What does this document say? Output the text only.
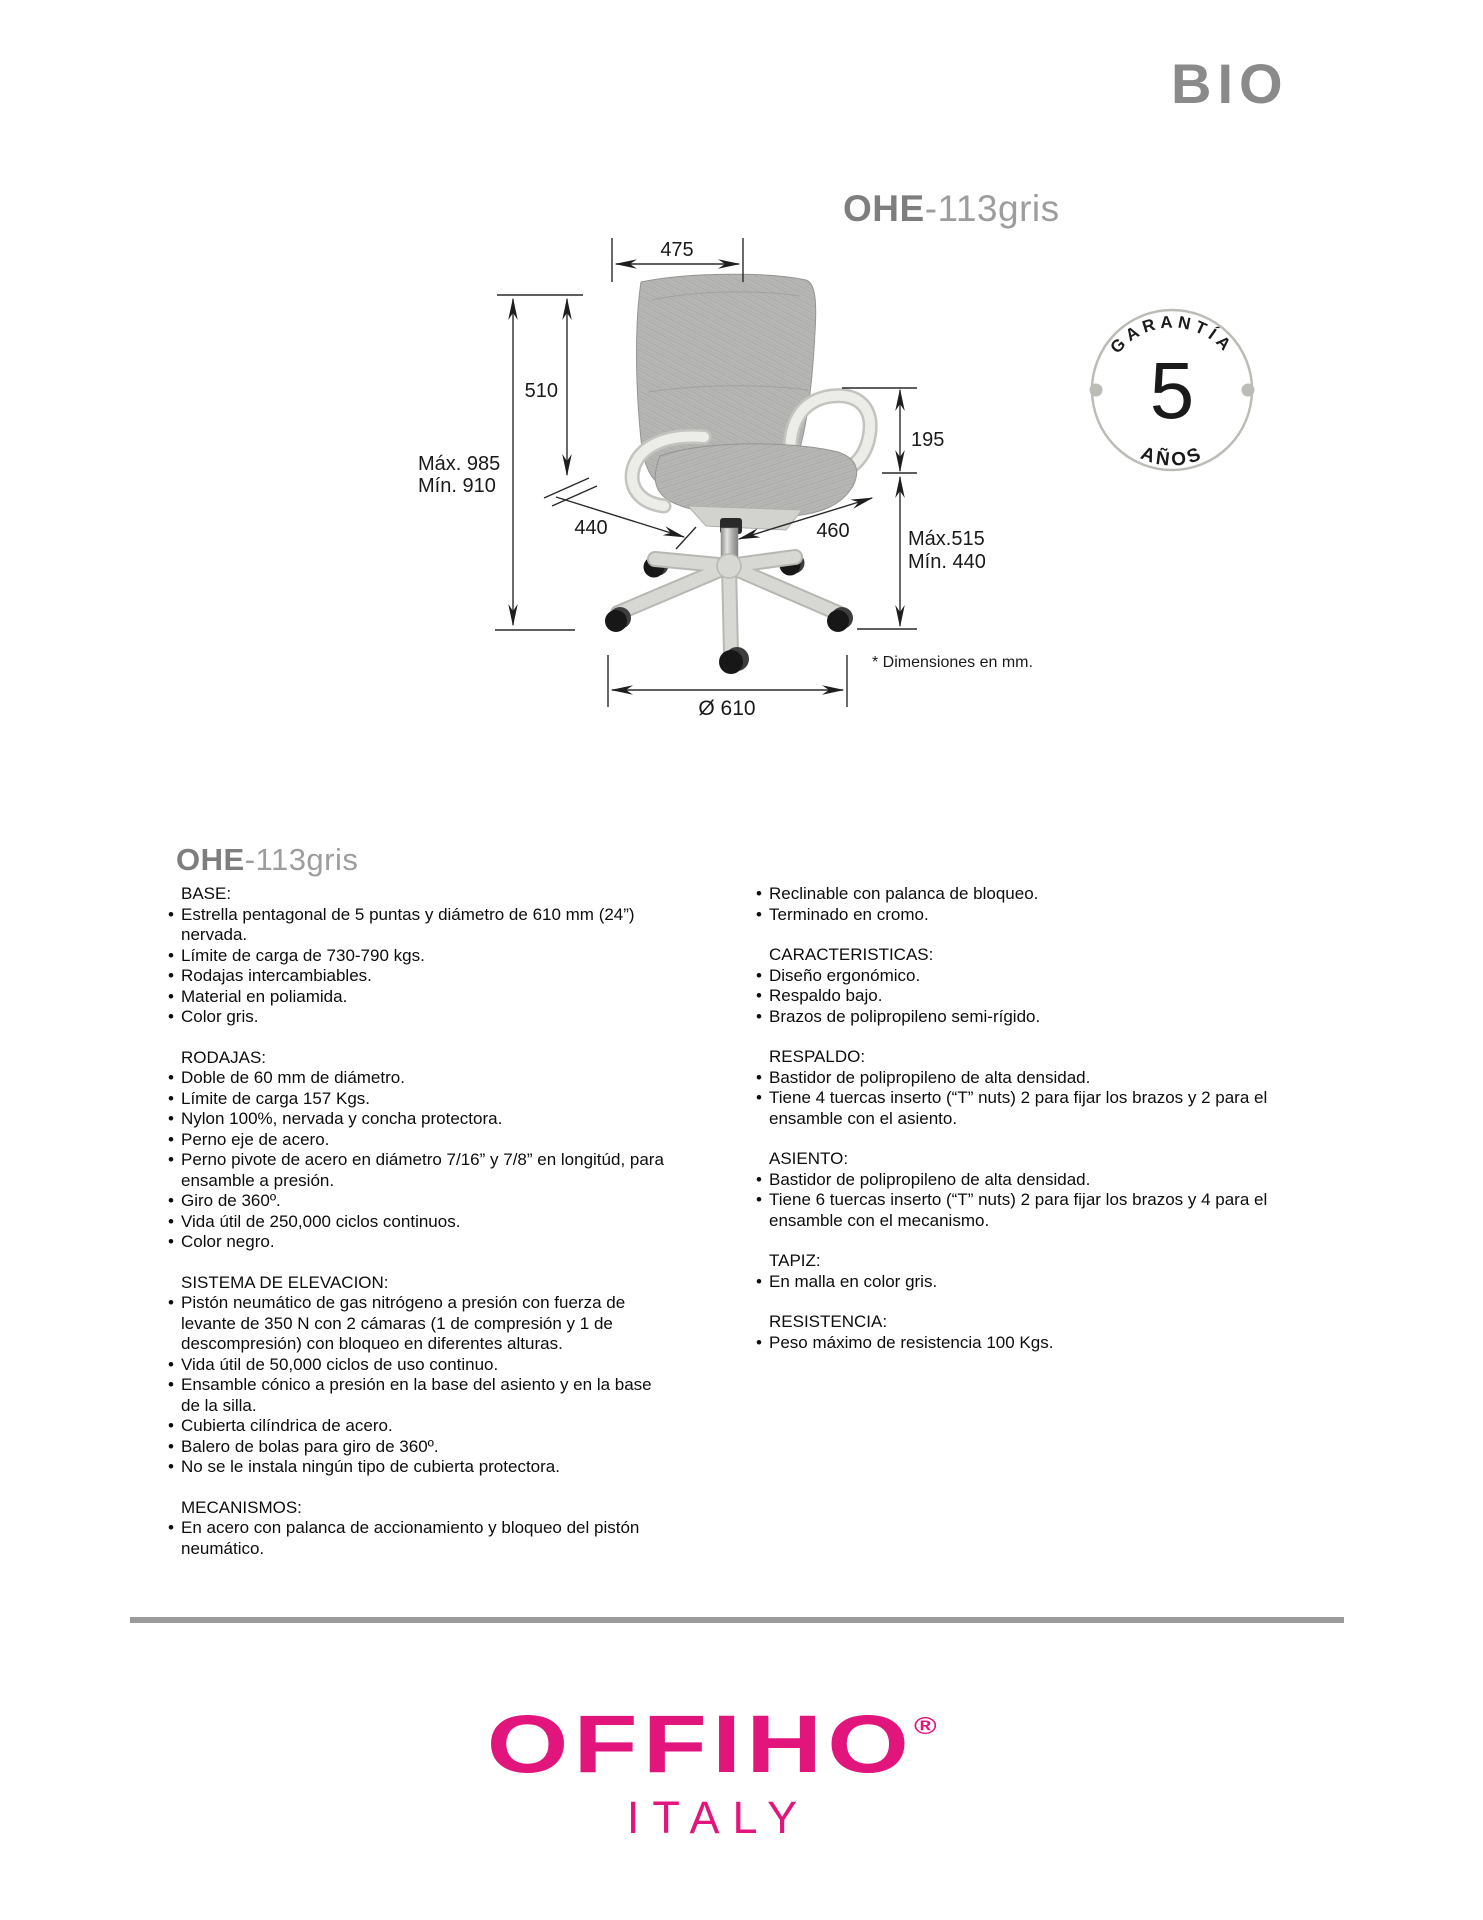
BIO
OHE-113gris
475
510
Máx. 985
Mín. 910
440	460
195
Máx.515
Mín. 440
Ø 610
* Dimensiones en mm.
GARANTÍA
5
AÑOS
OHE-113gris
BASE:
• Estrella pentagonal de 5 puntas y diámetro de 610 mm (24”) nervada.
• Límite de carga de 730-790 kgs.
• Rodajas intercambiables.
• Material en poliamida.
• Color gris.
RODAJAS:
• Doble de 60 mm de diámetro.
• Límite de carga 157 Kgs.
• Nylon 100%, nervada y concha protectora.
• Perno eje de acero.
• Perno pivote de acero en diámetro 7/16” y 7/8” en longitúd, para ensamble a presión.
• Giro de 360º.
• Vida útil de 250,000 ciclos continuos.
• Color negro.
SISTEMA DE ELEVACION:
• Pistón neumático de gas nitrógeno a presión con fuerza de levante de 350 N con 2 cámaras (1 de compresión y 1 de descompresión) con bloqueo en diferentes alturas.
• Vida útil de 50,000 ciclos de uso continuo.
• Ensamble cónico a presión en la base del asiento y en la base de la silla.
• Cubierta cilíndrica de acero.
• Balero de bolas para giro de 360º.
• No se le instala ningún tipo de cubierta protectora.
MECANISMOS:
• En acero con palanca de accionamiento y bloqueo del pistón neumático.
• Reclinable con palanca de bloqueo.
• Terminado en cromo.
CARACTERISTICAS:
• Diseño ergonómico.
• Respaldo bajo.
• Brazos de polipropileno semi-rígido.
RESPALDO:
• Bastidor de polipropileno de alta densidad.
• Tiene 4 tuercas inserto (“T” nuts) 2 para fijar los brazos y 2 para el ensamble con el asiento.
ASIENTO:
• Bastidor de polipropileno de alta densidad.
• Tiene 6 tuercas inserto (“T” nuts) 2 para fijar los brazos y 4 para el ensamble con el mecanismo.
TAPIZ:
• En malla en color gris.
RESISTENCIA:
• Peso máximo de resistencia 100 Kgs.
OFFIHO®
ITALY
